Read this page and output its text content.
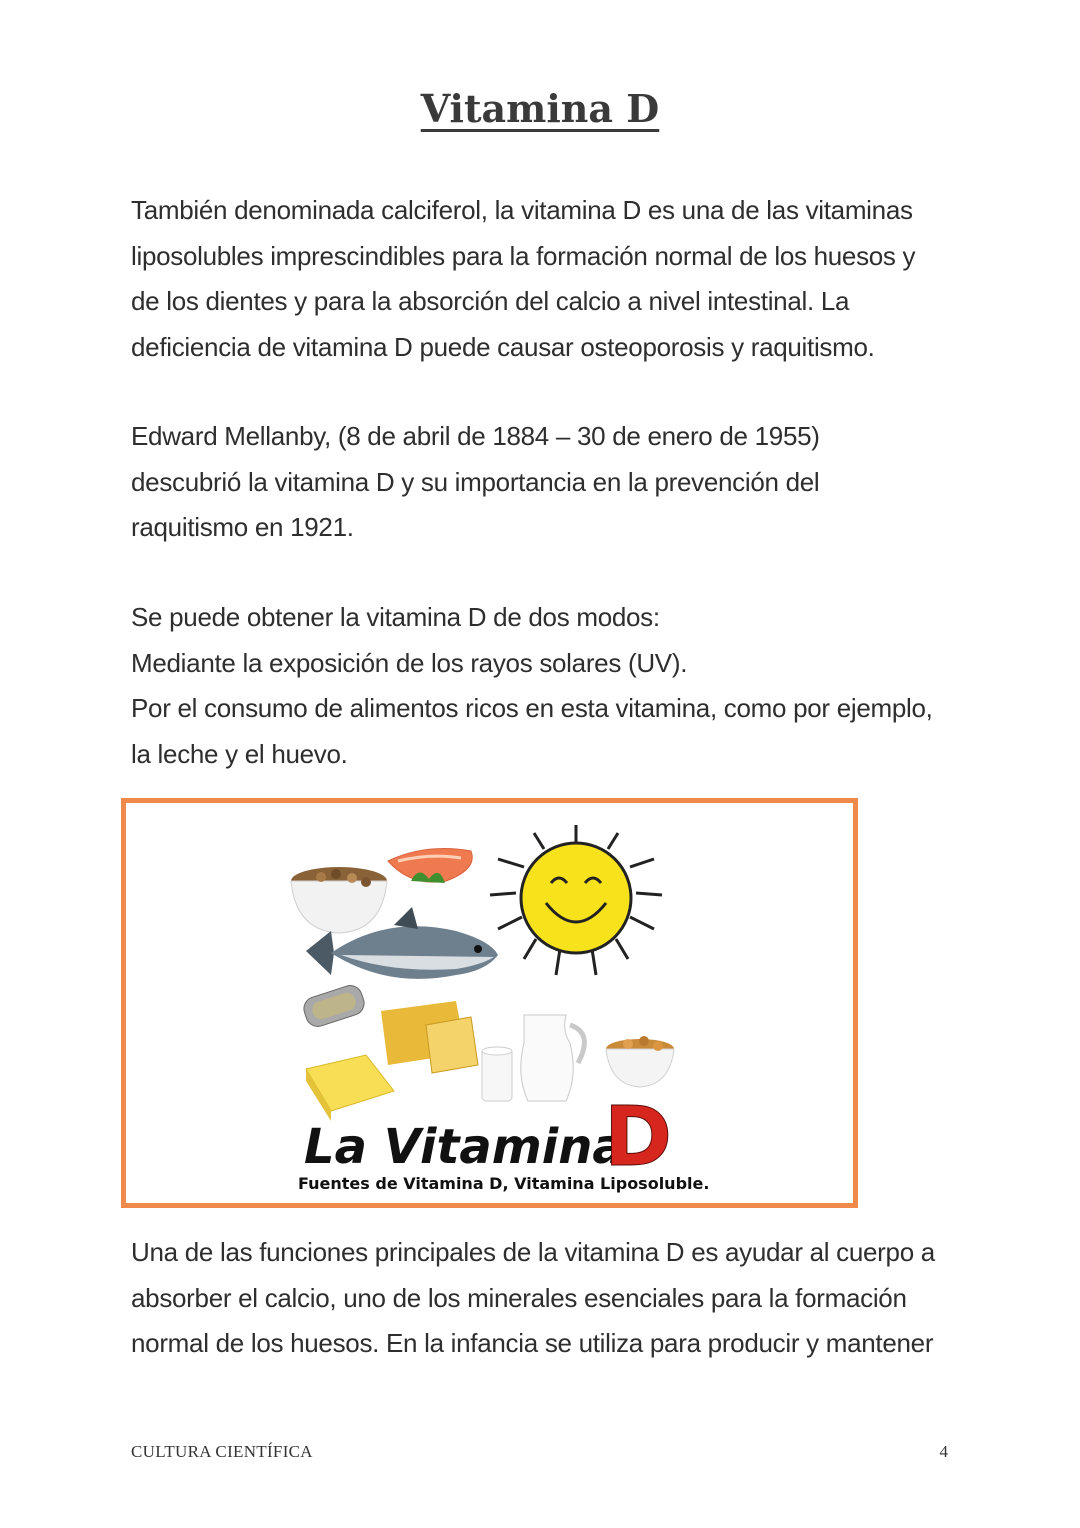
Vitamina D

También denominada calciferol, la vitamina D es una de las vitaminas
liposolubles imprescindibles para la formación normal de los huesos y
de los dientes y para la absorción del calcio a nivel intestinal. La
deficiencia de vitamina D puede causar osteoporosis y raquitismo.

Edward Mellanby, (8 de abril de 1884 – 30 de enero de 1955)
descubrió la vitamina D y su importancia en la prevención del
raquitismo en 1921.

Se puede obtener la vitamina D de dos modos:
Mediante la exposición de los rayos solares (UV).
Por el consumo de alimentos ricos en esta vitamina, como por ejemplo,
la leche y el huevo.

La Vitamina
D
Fuentes de Vitamina D, Vitamina Liposoluble.

Una de las funciones principales de la vitamina D es ayudar al cuerpo a
absorber el calcio, uno de los minerales esenciales para la formación
normal de los huesos. En la infancia se utiliza para producir y mantener

CULTURA CIENTÍFICA	4
